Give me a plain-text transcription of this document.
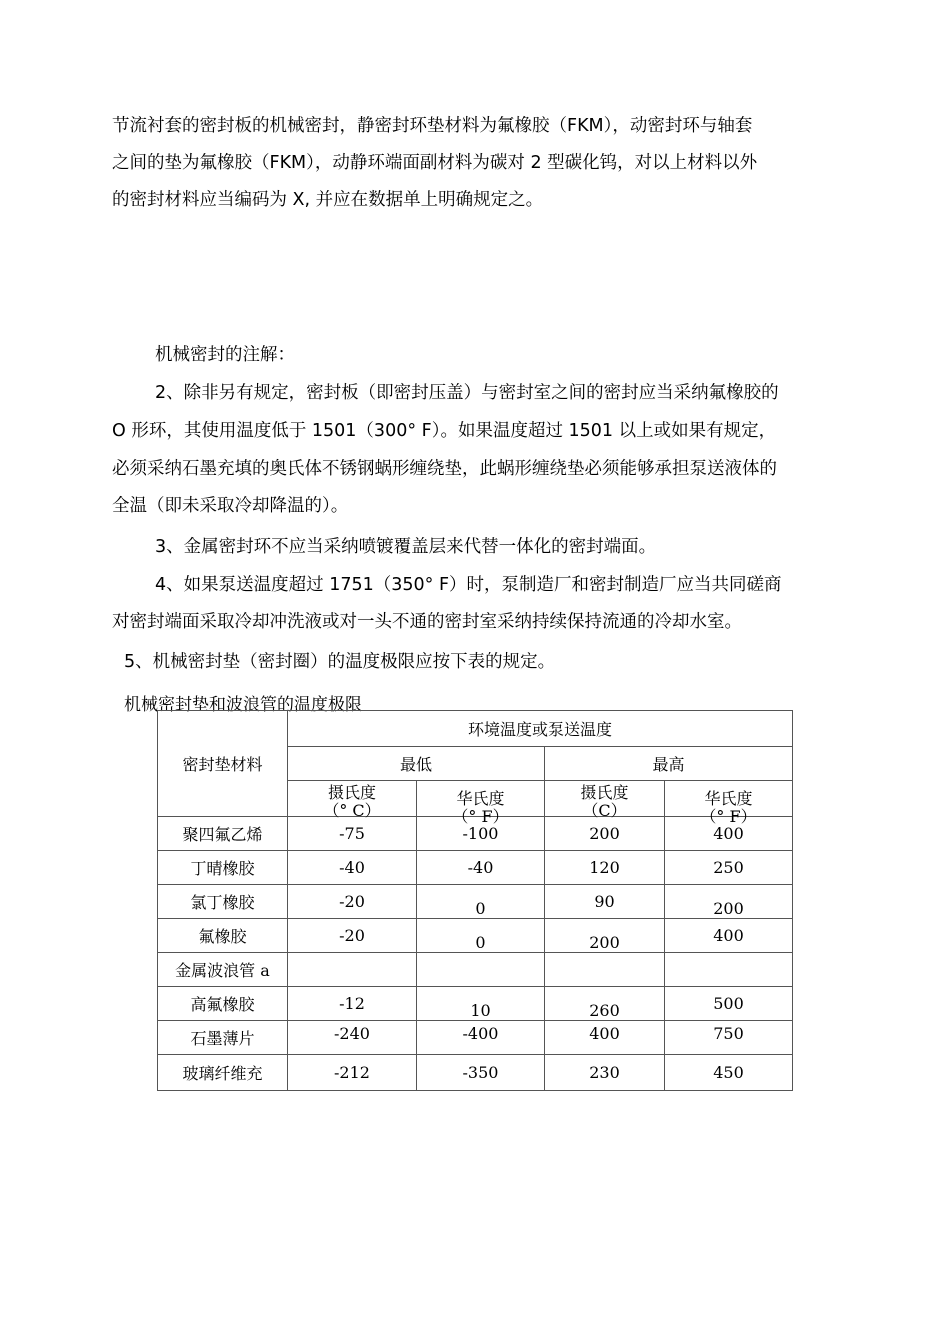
节流衬套的密封板的机械密封，静密封环垫材料为氟橡胶（FKM），动密封环与轴套
之间的垫为氟橡胶（FKM），动静环端面副材料为碳对 2 型碳化钨，对以上材料以外
的密封材料应当编码为 X, 并应在数据单上明确规定之。
机械密封的注解：
2、除非另有规定，密封板（即密封压盖）与密封室之间的密封应当采纳氟橡胶的
O 形环，其使用温度低于 1501（300° F）。如果温度超过 1501 以上或如果有规定，
必须采纳石墨充填的奥氏体不锈钢蜗形缠绕垫，此蜗形缠绕垫必须能够承担泵送液体的
全温（即未采取冷却降温的）。
3、金属密封环不应当采纳喷镀覆盖层来代替一体化的密封端面。
4、如果泵送温度超过 1751（350° F）时，泵制造厂和密封制造厂应当共同磋商
对密封端面采取冷却冲洗液或对一头不通的密封室采纳持续保持流通的冷却水室。
5、机械密封垫（密封圈）的温度极限应按下表的规定。
机械密封垫和波浪管的温度极限
密封垫材料	环境温度或泵送温度			
	最低		最高	

	摄氏度
（° C）	华氏度
（° F）	摄氏度
（C）	华氏度
（° F）

聚四氟乙烯	-75	-100	200	400
丁晴橡胶	-40	-40	120	250
氯丁橡胶	-20	0	90	200
氟橡胶	-20	0	200	400
金属波浪管 a				
高氟橡胶	-12	10	260	500
石墨薄片	-240	-400	400	750
玻璃纤维充	-212	-350	230	450
